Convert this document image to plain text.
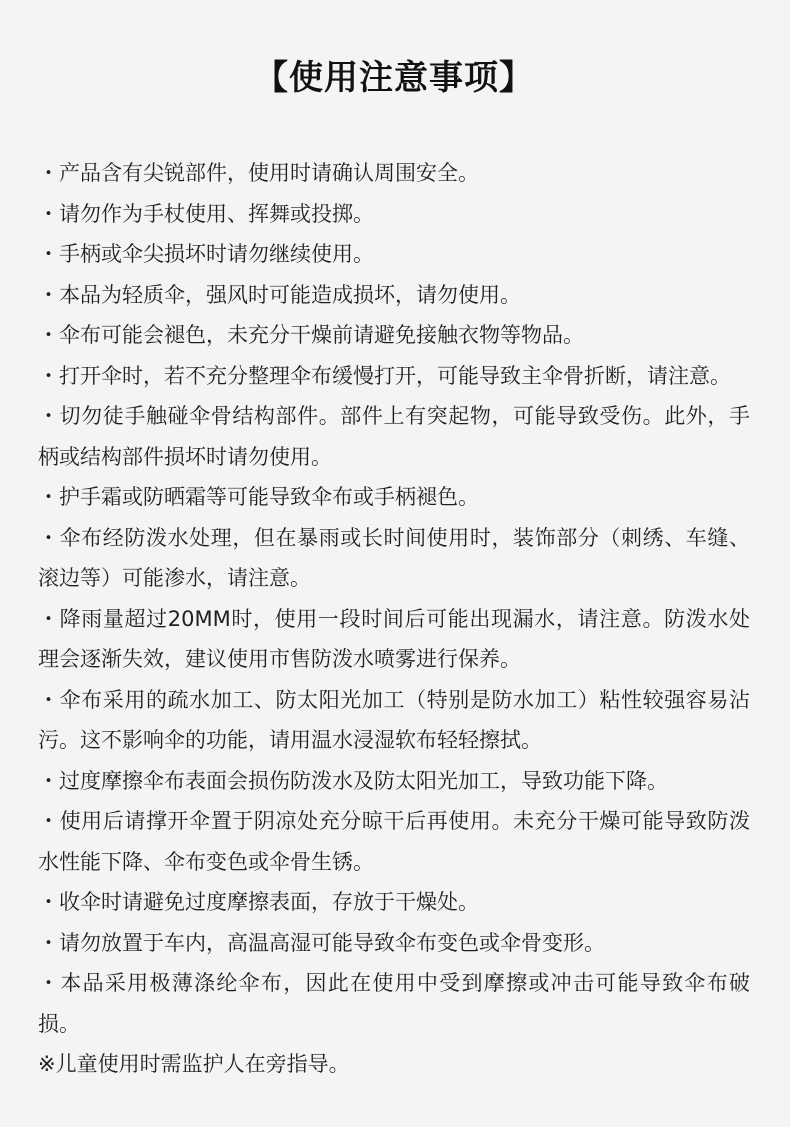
【使用注意事项】
・产品含有尖锐部件，使用时请确认周围安全。
・请勿作为手杖使用、挥舞或投掷。
・手柄或伞尖损坏时请勿继续使用。
・本品为轻质伞，强风时可能造成损坏，请勿使用。
・伞布可能会褪色，未充分干燥前请避免接触衣物等物品。
・打开伞时，若不充分整理伞布缓慢打开，可能导致主伞骨折断，请注意。
・切勿徒手触碰伞骨结构部件。部件上有突起物，可能导致受伤。此外，手柄或结构部件损坏时请勿使用。
・护手霜或防晒霜等可能导致伞布或手柄褪色。
・伞布经防泼水处理，但在暴雨或长时间使用时，装饰部分（刺绣、车缝、滚边等）可能渗水，请注意。
・降雨量超过20MM时，使用一段时间后可能出现漏水，请注意。防泼水处理会逐渐失效，建议使用市售防泼水喷雾进行保养。
・伞布采用的疏水加工、防太阳光加工（特别是防水加工）粘性较强容易沾污。这不影响伞的功能，请用温水浸湿软布轻轻擦拭。
・过度摩擦伞布表面会损伤防泼水及防太阳光加工，导致功能下降。
・使用后请撑开伞置于阴凉处充分晾干后再使用。未充分干燥可能导致防泼水性能下降、伞布变色或伞骨生锈。
・收伞时请避免过度摩擦表面，存放于干燥处。
・请勿放置于车内，高温高湿可能导致伞布变色或伞骨变形。
・本品采用极薄涤纶伞布，因此在使用中受到摩擦或冲击可能导致伞布破损。
※儿童使用时需监护人在旁指导。
